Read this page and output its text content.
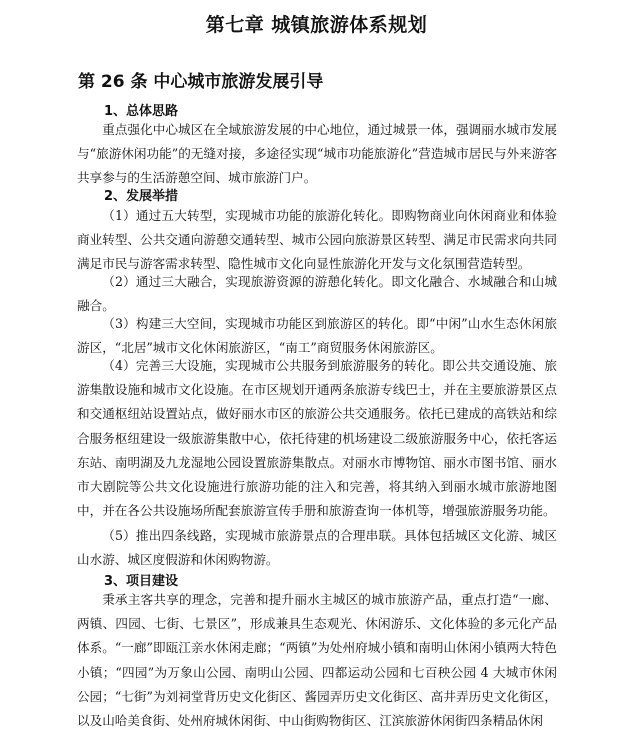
第七章 城镇旅游体系规划
第 26 条 中心城市旅游发展引导
1、总体思路

重点强化中心城区在全域旅游发展的中心地位，通过城景一体，强调丽水城市发展与“旅游休闲功能”的无缝对接，多途径实现“城市功能旅游化”营造城市居民与外来游客共享参与的生活游憩空间、城市旅游门户。

2、发展举措

（1）通过五大转型，实现城市功能的旅游化转化。即购物商业向休闲商业和体验商业转型、公共交通向游憩交通转型、城市公园向旅游景区转型、满足市民需求向共同满足市民与游客需求转型、隐性城市文化向显性旅游化开发与文化氛围营造转型。

（2）通过三大融合，实现旅游资源的游憩化转化。即文化融合、水城融合和山城融合。

（3）构建三大空间，实现城市功能区到旅游区的转化。即“中闲”山水生态休闲旅游区，“北居”城市文化休闲旅游区，“南工”商贸服务休闲旅游区。

（4）完善三大设施，实现城市公共服务到旅游服务的转化。即公共交通设施、旅游集散设施和城市文化设施。在市区规划开通两条旅游专线巴士，并在主要旅游景区点和交通枢纽站设置站点，做好丽水市区的旅游公共交通服务。依托已建成的高铁站和综合服务枢纽建设一级旅游集散中心，依托待建的机场建设二级旅游服务中心，依托客运东站、南明湖及九龙湿地公园设置旅游集散点。对丽水市博物馆、丽水市图书馆、丽水市大剧院等公共文化设施进行旅游功能的注入和完善，将其纳入到丽水城市旅游地图中，并在各公共设施场所配套旅游宣传手册和旅游查询一体机等，增强旅游服务功能。

（5）推出四条线路，实现城市旅游景点的合理串联。具体包括城区文化游、城区山水游、城区度假游和休闲购物游。

3、项目建设

秉承主客共享的理念，完善和提升丽水主城区的城市旅游产品，重点打造“一廊、两镇、四园、七街、七景区”，形成兼具生态观光、休闲游乐、文化体验的多元化产品体系。“一廊”即瓯江亲水休闲走廊；“两镇”为处州府城小镇和南明山休闲小镇两大特色小镇；“四园”为万象山公园、南明山公园、四都运动公园和七百秧公园 4 大城市休闲公园；“七街”为刘祠堂背历史文化街区、酱园弄历史文化街区、高井弄历史文化街区，以及山哈美食街、处州府城休闲街、中山街购物街区、江滨旅游休闲街四条精品休闲
